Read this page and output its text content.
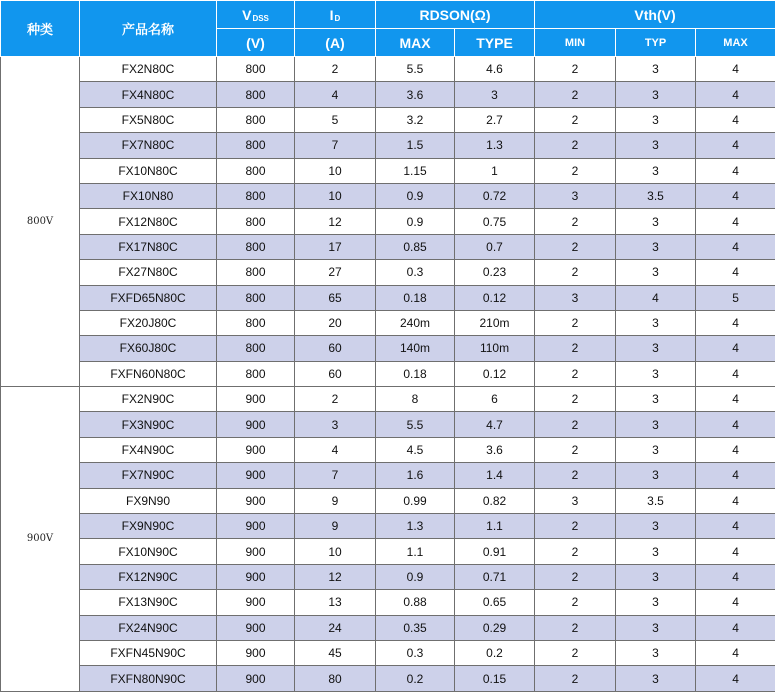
种类	产品名称	$V_{DSS}$	$I_D$	RDSON(Ω)		Vth(V)		
		(V)	(A)	MAX	TYPE	MIN	TYP	MAX
800V	FX2N80C	800	2	5.5	4.6	2	3	4
	FX4N80C	800	4	3.6	3	2	3	4
	FX5N80C	800	5	3.2	2.7	2	3	4
	FX7N80C	800	7	1.5	1.3	2	3	4
	FX10N80C	800	10	1.15	1	2	3	4
	FX10N80	800	10	0.9	0.72	3	3.5	4
	FX12N80C	800	12	0.9	0.75	2	3	4
	FX17N80C	800	17	0.85	0.7	2	3	4
	FX27N80C	800	27	0.3	0.23	2	3	4
	FXFD65N80C	800	65	0.18	0.12	3	4	5
	FX20J80C	800	20	240m	210m	2	3	4
	FX60J80C	800	60	140m	110m	2	3	4
	FXFN60N80C	800	60	0.18	0.12	2	3	4
900V	FX2N90C	900	2	8	6	2	3	4
	FX3N90C	900	3	5.5	4.7	2	3	4
	FX4N90C	900	4	4.5	3.6	2	3	4
	FX7N90C	900	7	1.6	1.4	2	3	4
	FX9N90	900	9	0.99	0.82	3	3.5	4
	FX9N90C	900	9	1.3	1.1	2	3	4
	FX10N90C	900	10	1.1	0.91	2	3	4
	FX12N90C	900	12	0.9	0.71	2	3	4
	FX13N90C	900	13	0.88	0.65	2	3	4
	FX24N90C	900	24	0.35	0.29	2	3	4
	FXFN45N90C	900	45	0.3	0.2	2	3	4
	FXFN80N90C	900	80	0.2	0.15	2	3	4
